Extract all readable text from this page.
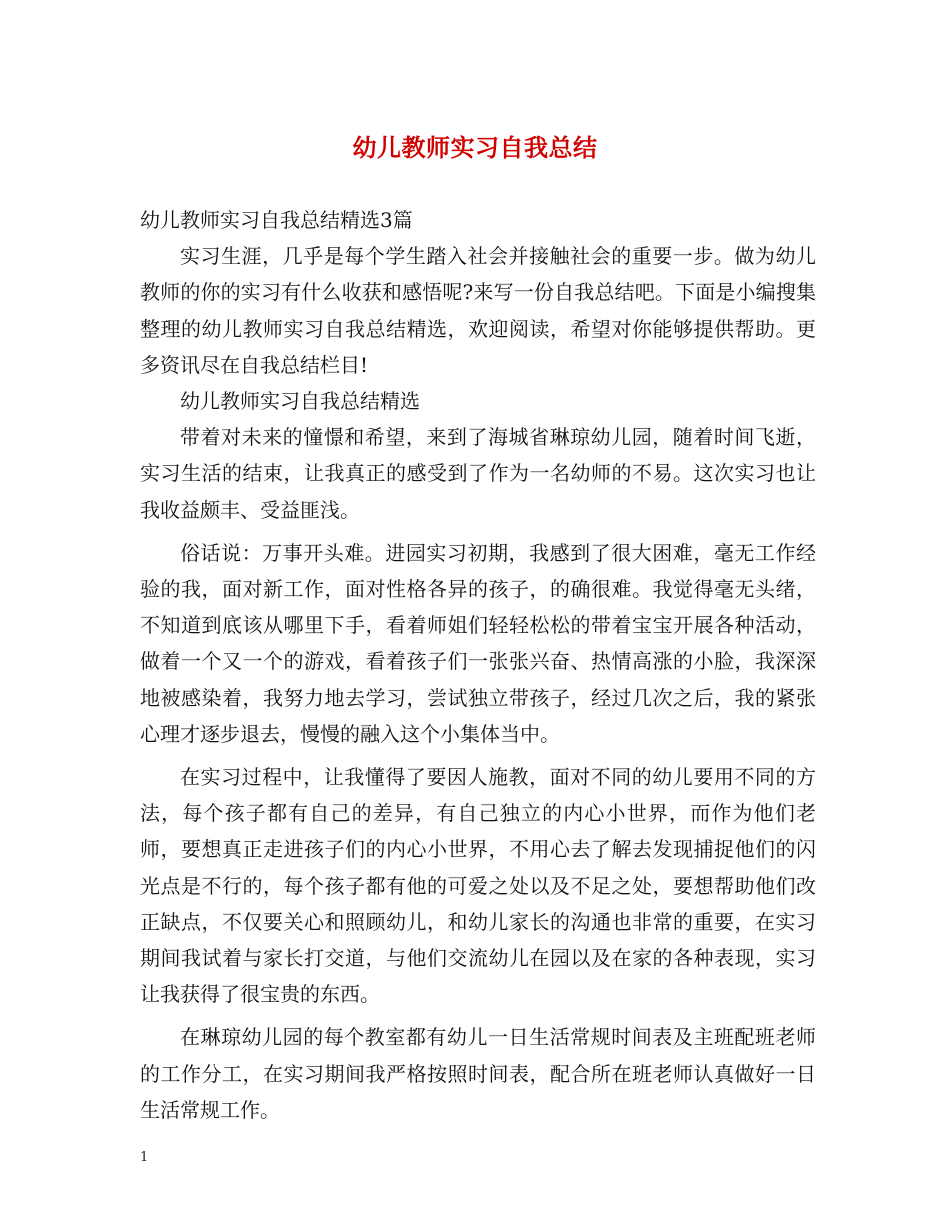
幼儿教师实习自我总结

幼儿教师实习自我总结精选3篇

实习生涯，几乎是每个学生踏入社会并接触社会的重要一步。做为幼儿教师的你的实习有什么收获和感悟呢?来写一份自我总结吧。下面是小编搜集整理的幼儿教师实习自我总结精选，欢迎阅读，希望对你能够提供帮助。更多资讯尽在自我总结栏目!

幼儿教师实习自我总结精选

带着对未来的憧憬和希望，来到了海城省琳琼幼儿园，随着时间飞逝，实习生活的结束，让我真正的感受到了作为一名幼师的不易。这次实习也让我收益颇丰、受益匪浅。

俗话说：万事开头难。进园实习初期，我感到了很大困难，毫无工作经验的我，面对新工作，面对性格各异的孩子，的确很难。我觉得毫无头绪，不知道到底该从哪里下手，看着师姐们轻轻松松的带着宝宝开展各种活动，做着一个又一个的游戏，看着孩子们一张张兴奋、热情高涨的小脸，我深深地被感染着，我努力地去学习，尝试独立带孩子，经过几次之后，我的紧张心理才逐步退去，慢慢的融入这个小集体当中。

在实习过程中，让我懂得了要因人施教，面对不同的幼儿要用不同的方法，每个孩子都有自己的差异，有自己独立的内心小世界，而作为他们老师，要想真正走进孩子们的内心小世界，不用心去了解去发现捕捉他们的闪光点是不行的，每个孩子都有他的可爱之处以及不足之处，要想帮助他们改正缺点，不仅要关心和照顾幼儿，和幼儿家长的沟通也非常的重要，在实习期间我试着与家长打交道，与他们交流幼儿在园以及在家的各种表现，实习让我获得了很宝贵的东西。

在琳琼幼儿园的每个教室都有幼儿一日生活常规时间表及主班配班老师的工作分工，在实习期间我严格按照时间表，配合所在班老师认真做好一日生活常规工作。

1
